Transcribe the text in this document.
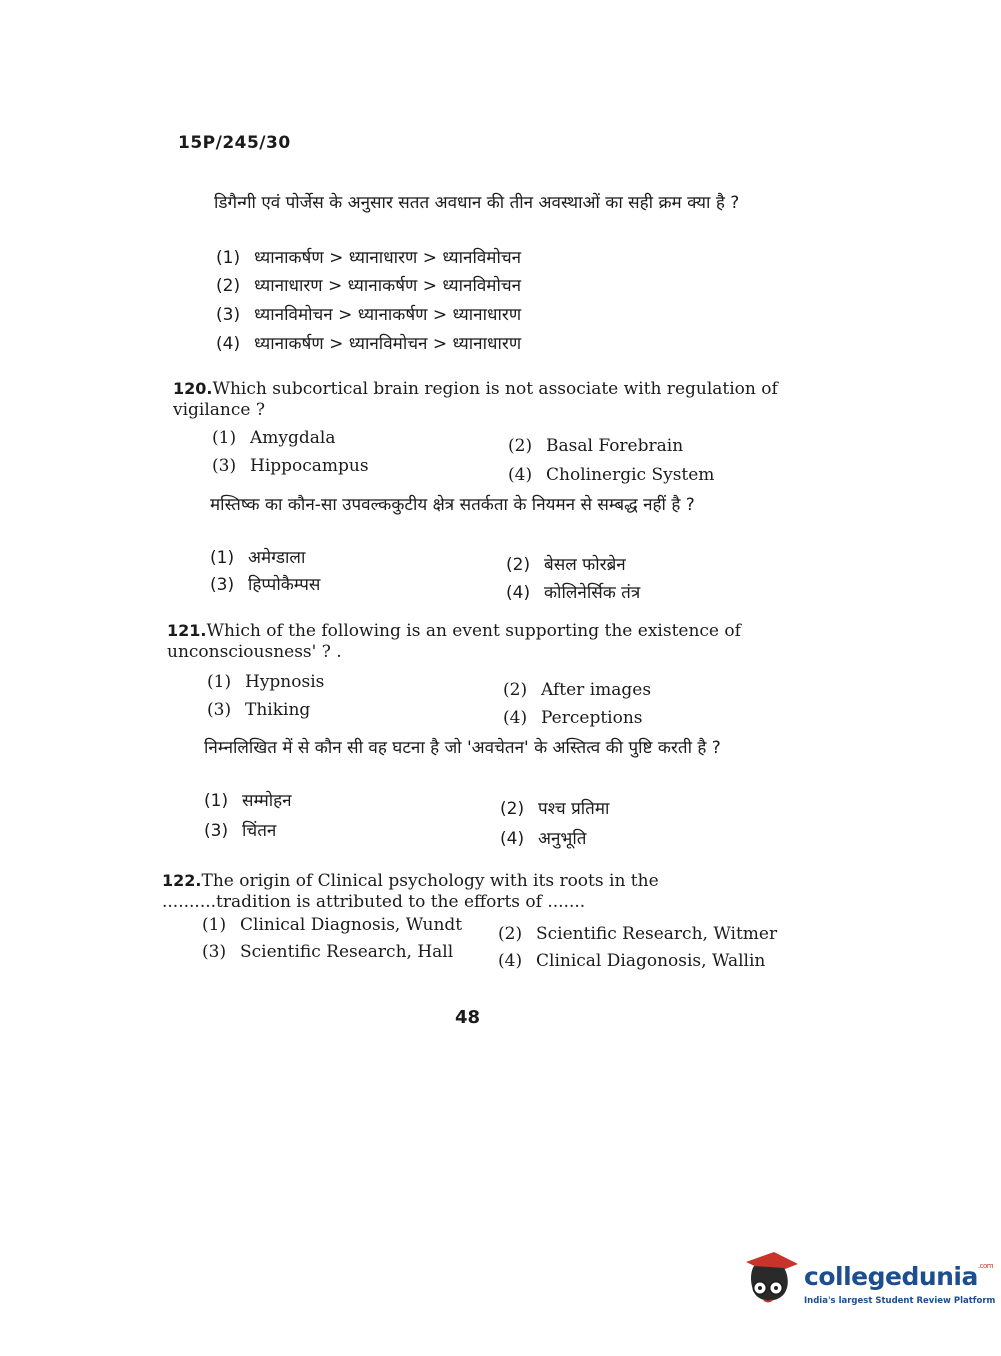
15P/245/30
डिगैन्गी एवं पोर्जेस के अनुसार सतत अवधान की तीन अवस्थाओं का सही क्रम क्या है ?
(1) ध्यानाकर्षण > ध्यानाधारण > ध्यानविमोचन
(2) ध्यानाधारण > ध्यानाकर्षण > ध्यानविमोचन
(3) ध्यानविमोचन > ध्यानाकर्षण > ध्यानाधारण
(4) ध्यानाकर्षण > ध्यानविमोचन > ध्यानाधारण
120.Which subcortical brain region is not associate with regulation of vigilance ?
(1) Amygdala	(2) Basal Forebrain
(3) Hippocampus	(4) Cholinergic System
मस्तिष्क का कौन-सा उपवल्ककुटीय क्षेत्र सतर्कता के नियमन से सम्बद्ध नहीं है ?
(1) अमेग्डाला	(2) बेसल फोरब्रेन
(3) हिप्पोकैम्पस	(4) कोलिनेर्सिक तंत्र
121.Which of the following is an event supporting the existence of unconsciousness' ? .
(1) Hypnosis	(2) After images
(3) Thiking	(4) Perceptions
निम्नलिखित में से कौन सी वह घटना है जो 'अवचेतन' के अस्तित्व की पुष्टि करती है ?
(1) सम्मोहन	(2) पश्च प्रतिमा
(3) चिंतन	(4) अनुभूति
122.The origin of Clinical psychology with its roots in the ..........tradition is attributed to the efforts of .......
(1) Clinical Diagnosis, Wundt (2) Scientific Research, Witmer
(3) Scientific Research, Hall	(4) Clinical Diagonosis, Wallin
48
collegedunia$^{.com}$
India's largest Student Review Platform
